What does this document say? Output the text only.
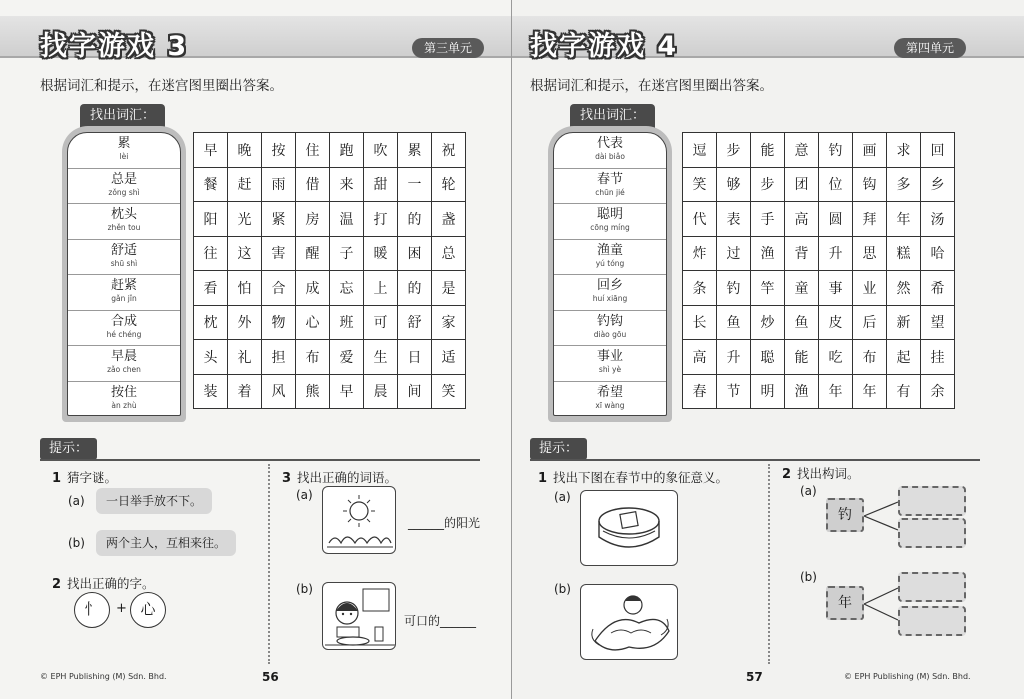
找字游戏 3	第三单元
根据词汇和提示，在迷宫图里圈出答案。
找出词汇：
累
lèi
总是
zǒng shì
枕头
zhěn tou
舒适
shū shì
赶紧
gǎn jǐn
合成
hé chéng
早晨
zǎo chen
按住
àn zhù
早	晚	按	住	跑	吹	累	祝
餐	赶	雨	借	来	甜	一	轮
阳	光	紧	房	温	打	的	盏
往	这	害	醒	子	暖	困	总
看	怕	合	成	忘	上	的	是
枕	外	物	心	班	可	舒	家
头	礼	担	布	爱	生	日	适
装	着	风	熊	早	晨	间	笑
提示：
1 猜字谜。
(a)	一日举手放不下。
(b)	两个主人，互相来往。
2 找出正确的字。
忄	+ 心
3 找出正确的词语。
(a)
______的阳光
(b)
可口的______
© EPH Publishing (M) Sdn. Bhd.	56
找字游戏 4	第四单元
根据词汇和提示，在迷宫图里圈出答案。
找出词汇：
代表
dài biǎo
春节
chūn jié
聪明
cōng míng
渔童
yú tóng
回乡
huí xiāng
钓钩
diào gōu
事业
shì yè
希望
xī wàng
逗	步	能	意	钓	画	求	回
笑	够	步	团	位	钩	多	乡
代	表	手	高	圆	拜	年	汤
炸	过	渔	背	升	思	糕	哈
条	钓	竿	童	事	业	然	希
长	鱼	炒	鱼	皮	后	新	望
高	升	聪	能	吃	布	起	挂
春	节	明	渔	年	年	有	余
提示：
1 找出下图在春节中的象征意义。
(a)
(b)
2 找出构词。
(a)
钓
(b)
年
57	© EPH Publishing (M) Sdn. Bhd.
